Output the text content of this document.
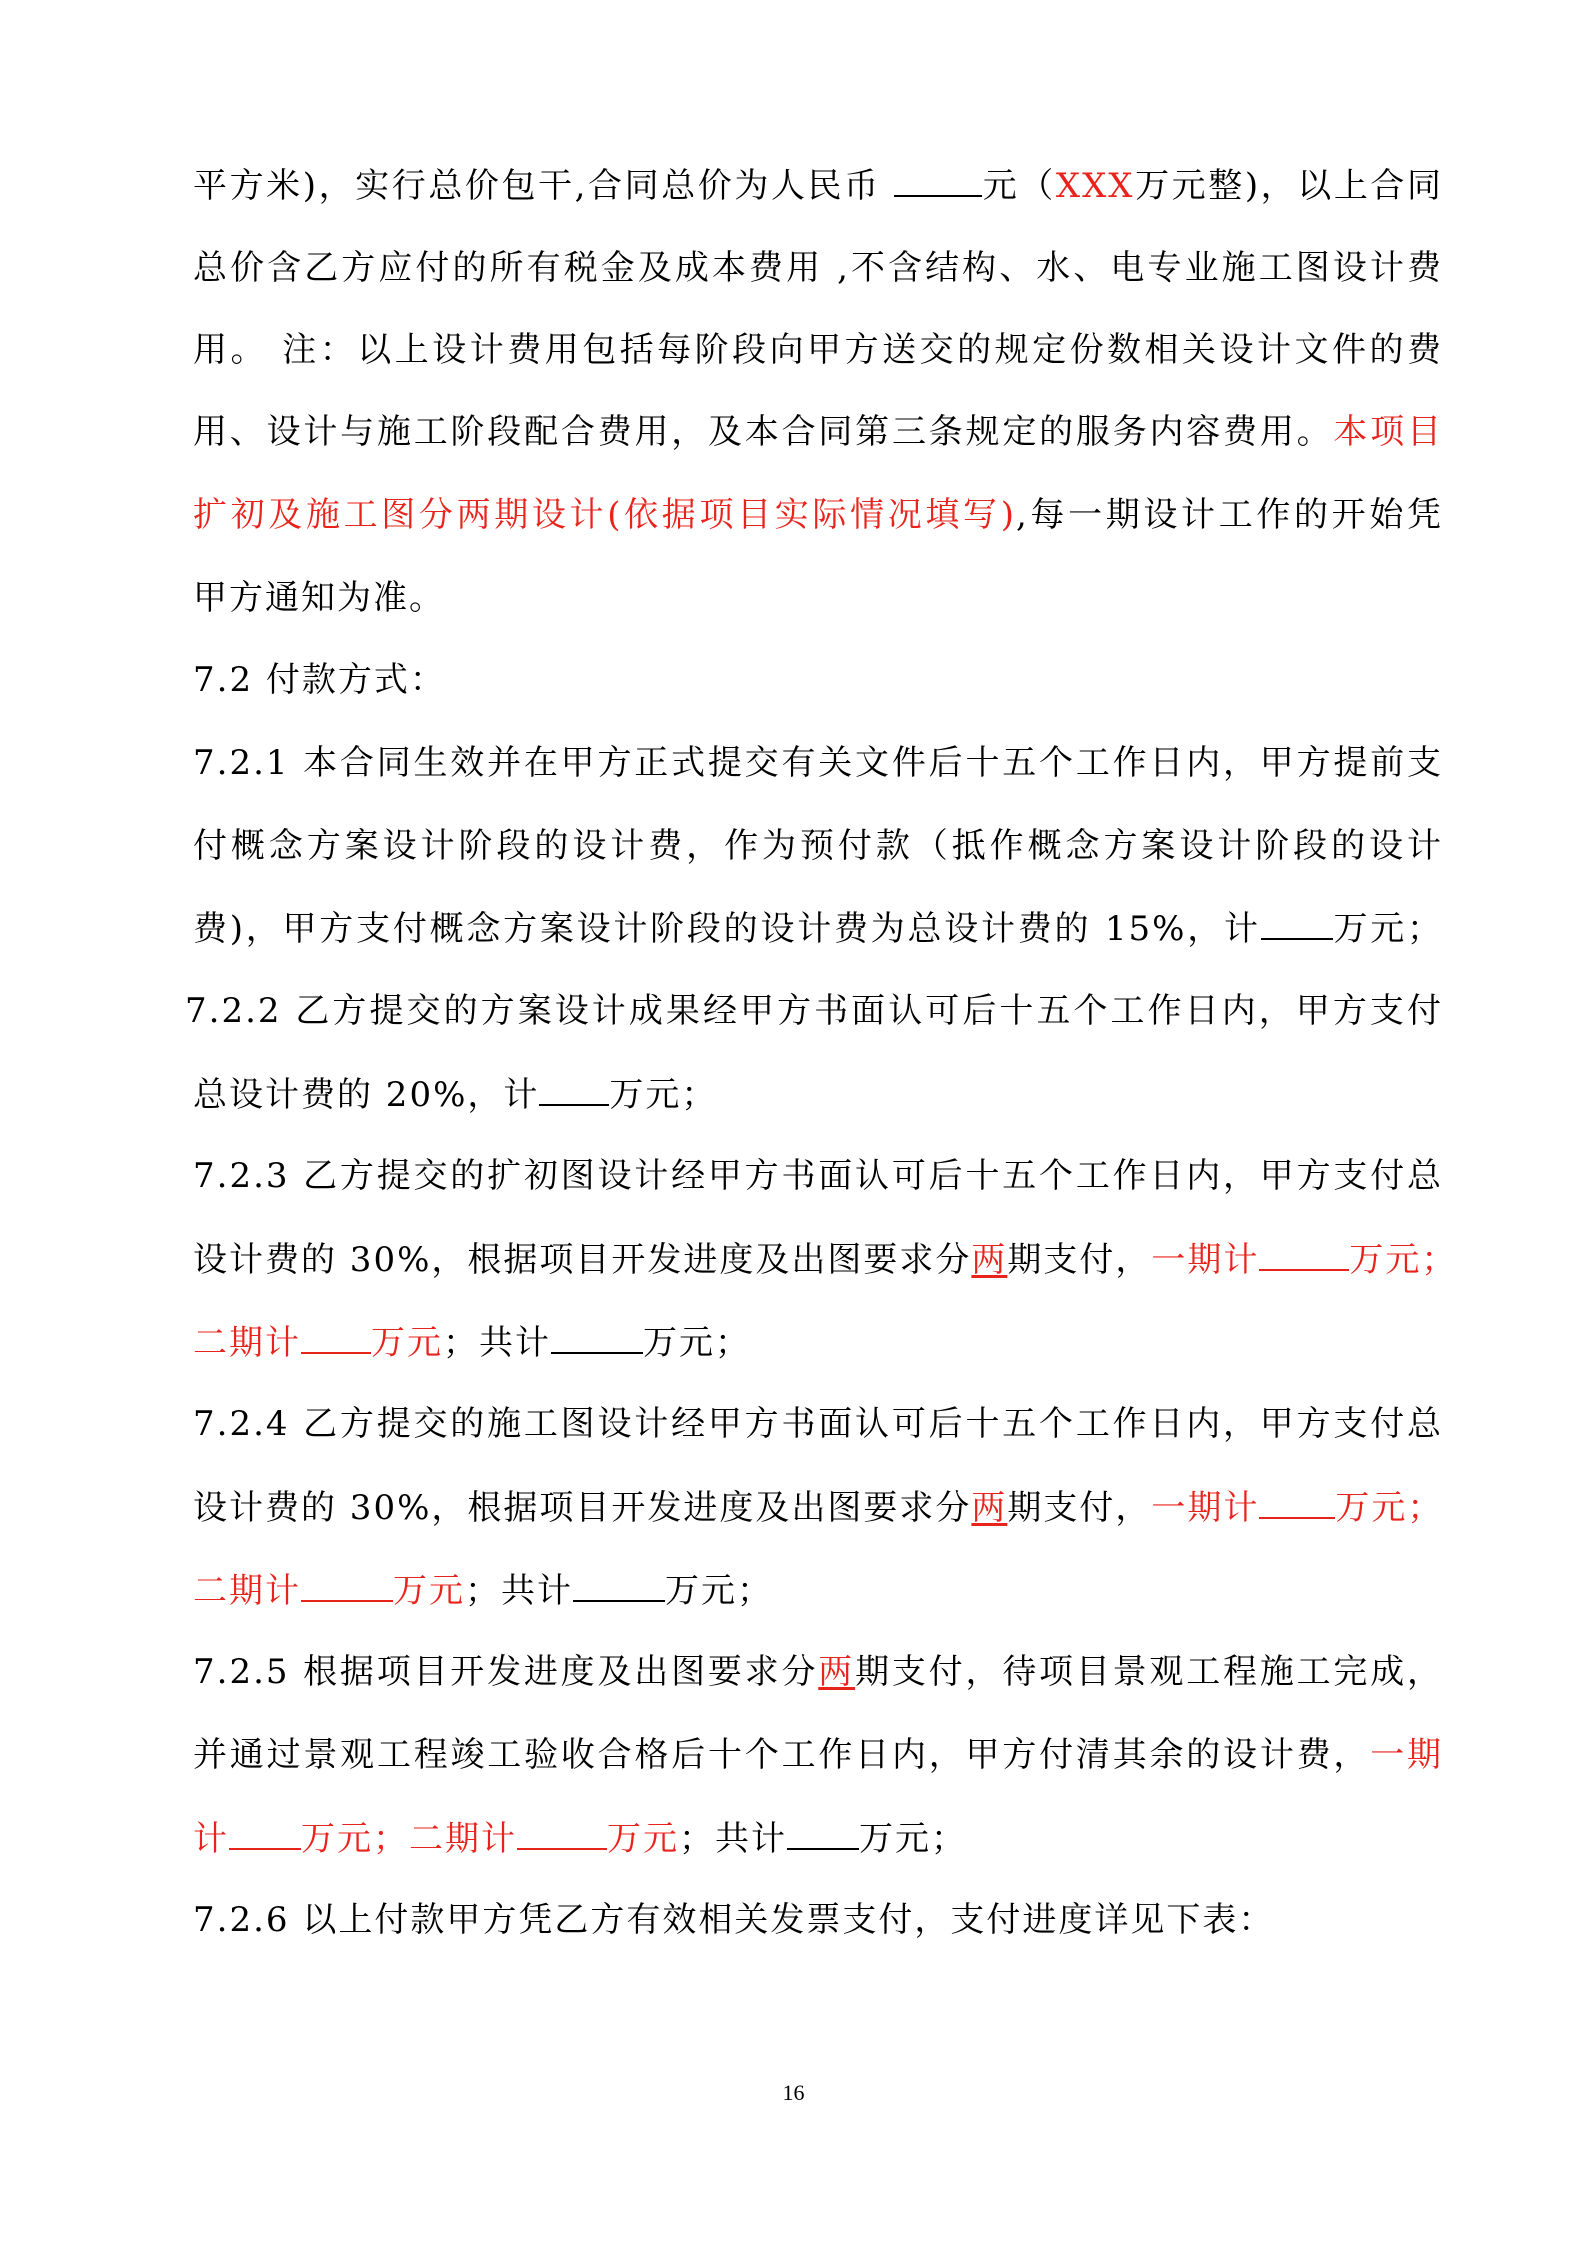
平方米)，实行总价包干,合同总价为人民币	元（XXX万元整)，以上合同
总价含乙方应付的所有税金及成本费用 ,不含结构、水、电专业施工图设计费
用。 注：以上设计费用包括每阶段向甲方送交的规定份数相关设计文件的费
用、设计与施工阶段配合费用，及本合同第三条规定的服务内容费用。本项目
扩初及施工图分两期设计(依据项目实际情况填写),每一期设计工作的开始凭
甲方通知为准。
7.2 付款方式：
7.2.1 本合同生效并在甲方正式提交有关文件后十五个工作日内，甲方提前支
付概念方案设计阶段的设计费，作为预付款（抵作概念方案设计阶段的设计
费)，甲方支付概念方案设计阶段的设计费为总设计费的 15%，计 万元；
7.2.2 乙方提交的方案设计成果经甲方书面认可后十五个工作日内，甲方支付
总设计费的 20%，计 万元；
7.2.3 乙方提交的扩初图设计经甲方书面认可后十五个工作日内，甲方支付总
设计费的 30%，根据项目开发进度及出图要求分两期支付，一期计	万元；
二期计 万元；共计	万元；
7.2.4 乙方提交的施工图设计经甲方书面认可后十五个工作日内，甲方支付总
设计费的 30%，根据项目开发进度及出图要求分两期支付，一期计 万元；
二期计	万元；共计	万元；
7.2.5 根据项目开发进度及出图要求分两期支付，待项目景观工程施工完成，
并通过景观工程竣工验收合格后十个工作日内，甲方付清其余的设计费，一期
计 万元；二期计	万元；共计 万元；
7.2.6 以上付款甲方凭乙方有效相关发票支付，支付进度详见下表：
16
